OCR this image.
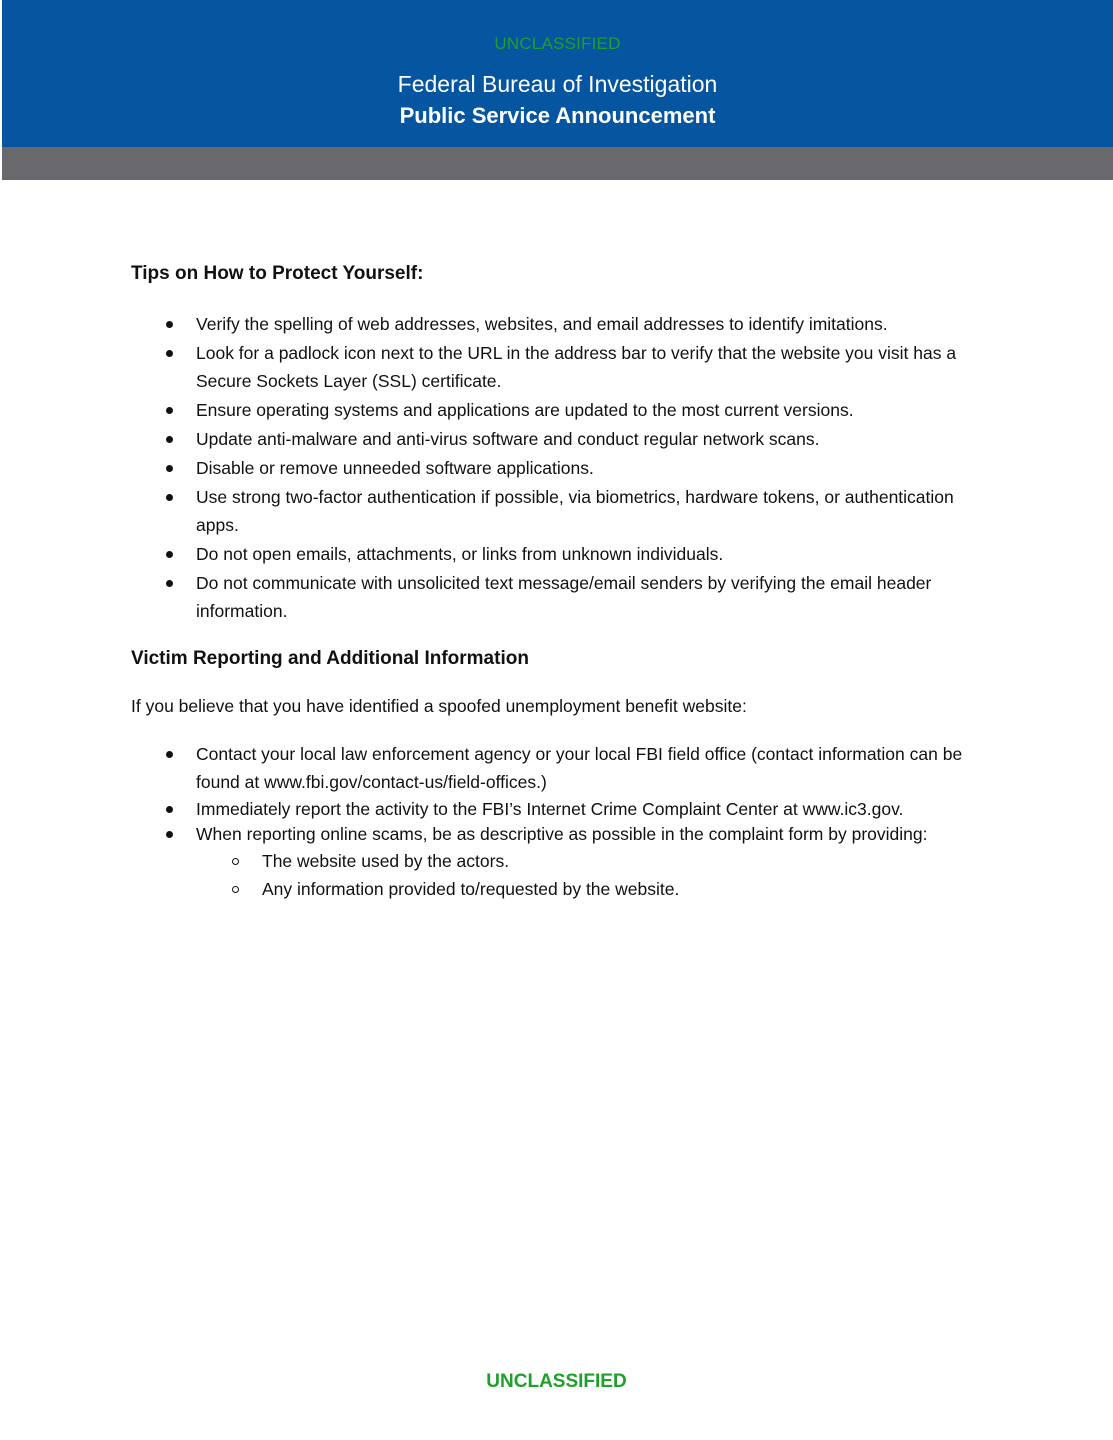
UNCLASSIFIED
Federal Bureau of Investigation
Public Service Announcement
Tips on How to Protect Yourself:
Verify the spelling of web addresses, websites, and email addresses to identify imitations.
Look for a padlock icon next to the URL in the address bar to verify that the website you visit has a Secure Sockets Layer (SSL) certificate.
Ensure operating systems and applications are updated to the most current versions.
Update anti-malware and anti-virus software and conduct regular network scans.
Disable or remove unneeded software applications.
Use strong two-factor authentication if possible, via biometrics, hardware tokens, or authentication apps.
Do not open emails, attachments, or links from unknown individuals.
Do not communicate with unsolicited text message/email senders by verifying the email header information.
Victim Reporting and Additional Information
If you believe that you have identified a spoofed unemployment benefit website:
Contact your local law enforcement agency or your local FBI field office (contact information can be found at www.fbi.gov/contact-us/field-offices.)
Immediately report the activity to the FBI’s Internet Crime Complaint Center at www.ic3.gov.
When reporting online scams, be as descriptive as possible in the complaint form by providing:
The website used by the actors.
Any information provided to/requested by the website.
UNCLASSIFIED
